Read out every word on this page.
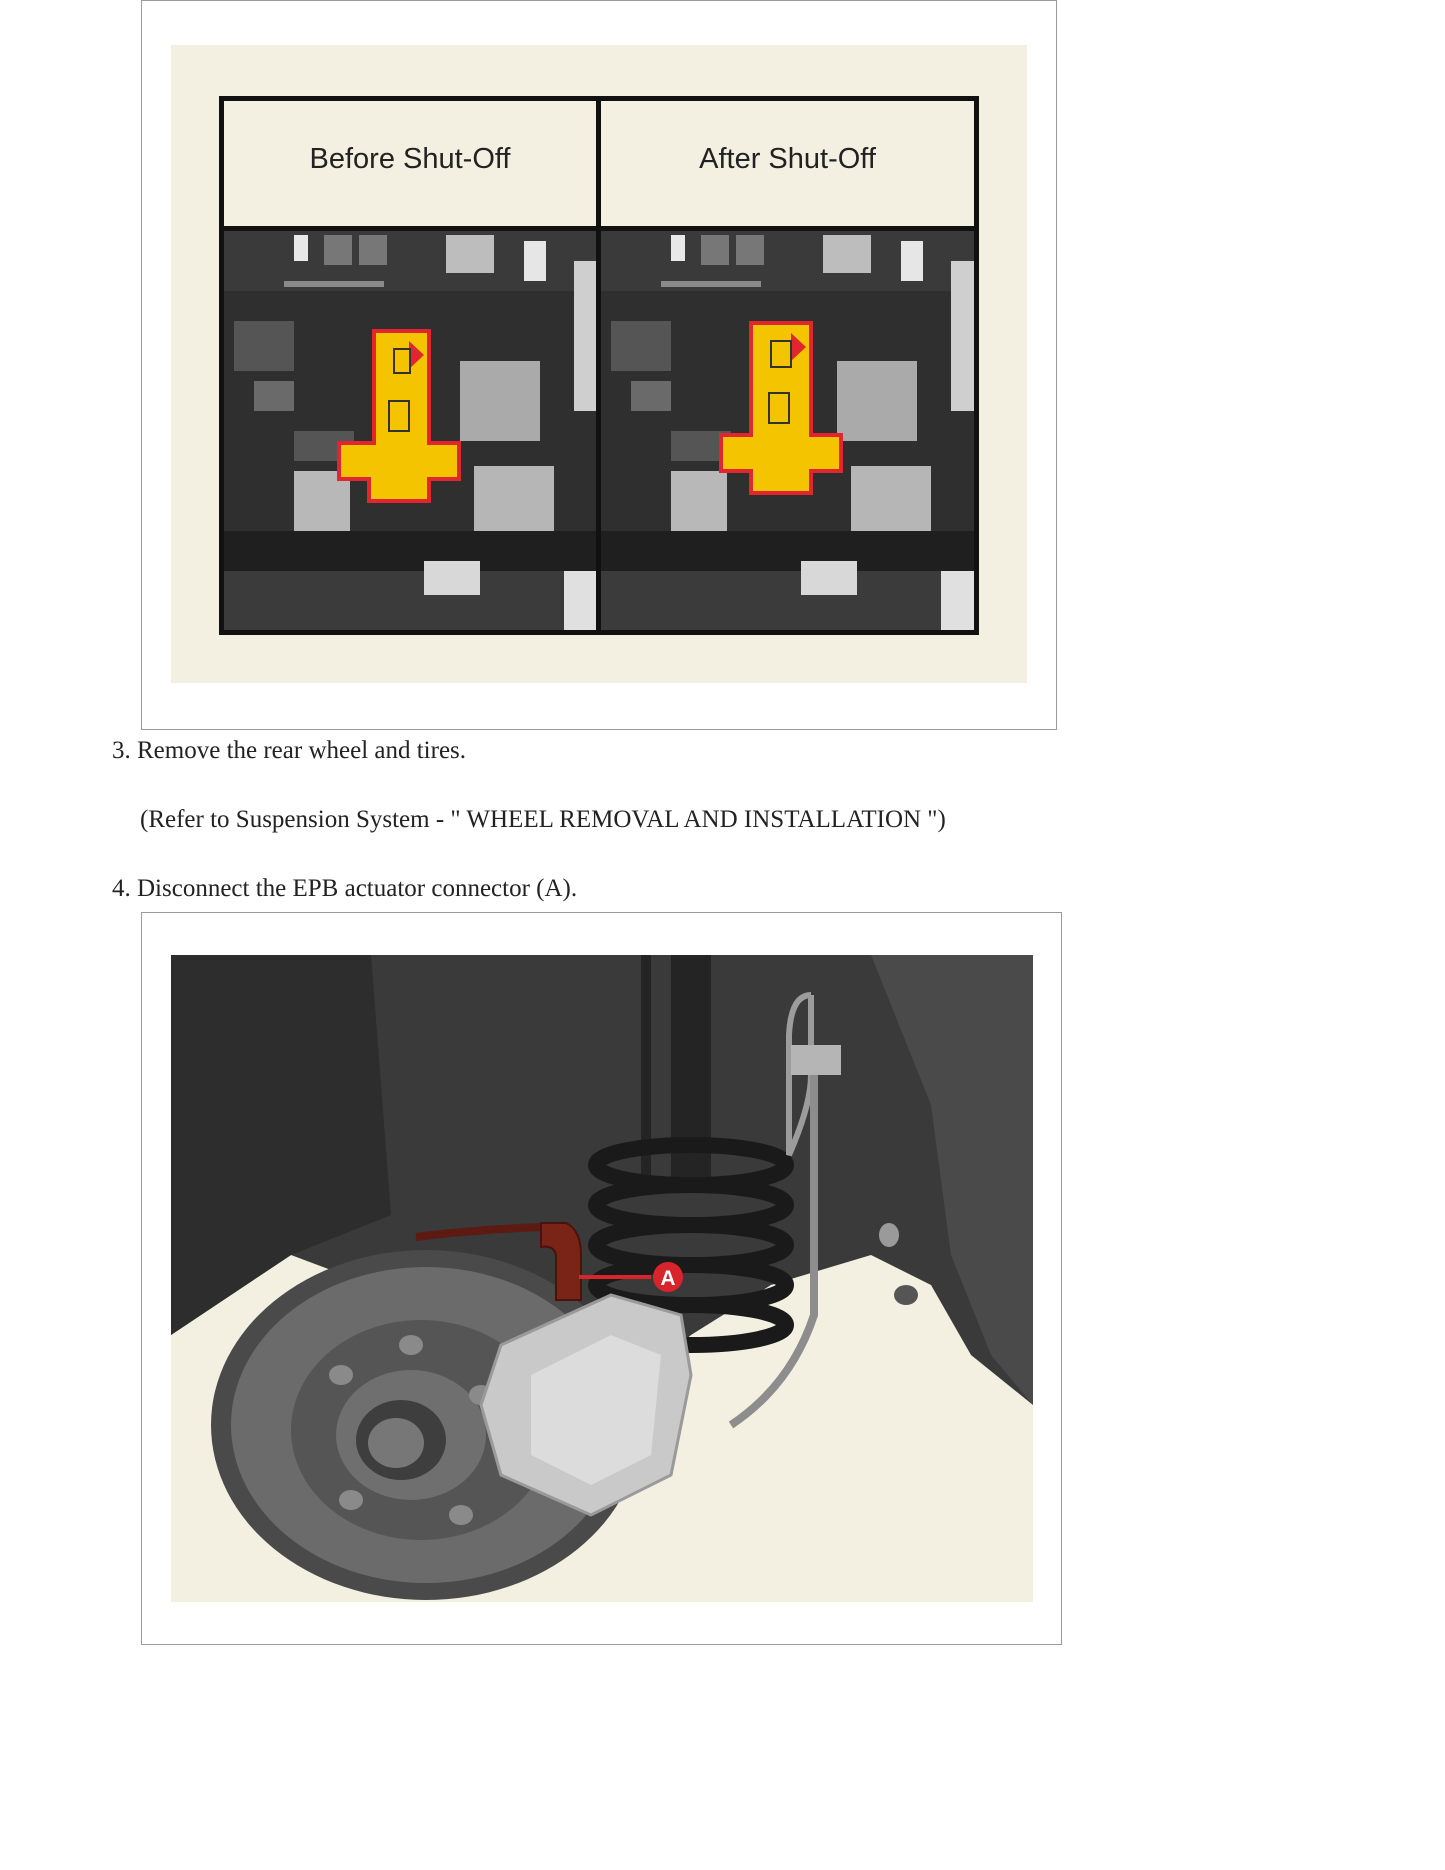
Before Shut-Off	After Shut-Off
3. Remove the rear wheel and tires.
(Refer to Suspension System - " WHEEL REMOVAL AND INSTALLATION ")
4. Disconnect the EPB actuator connector (A).
A
